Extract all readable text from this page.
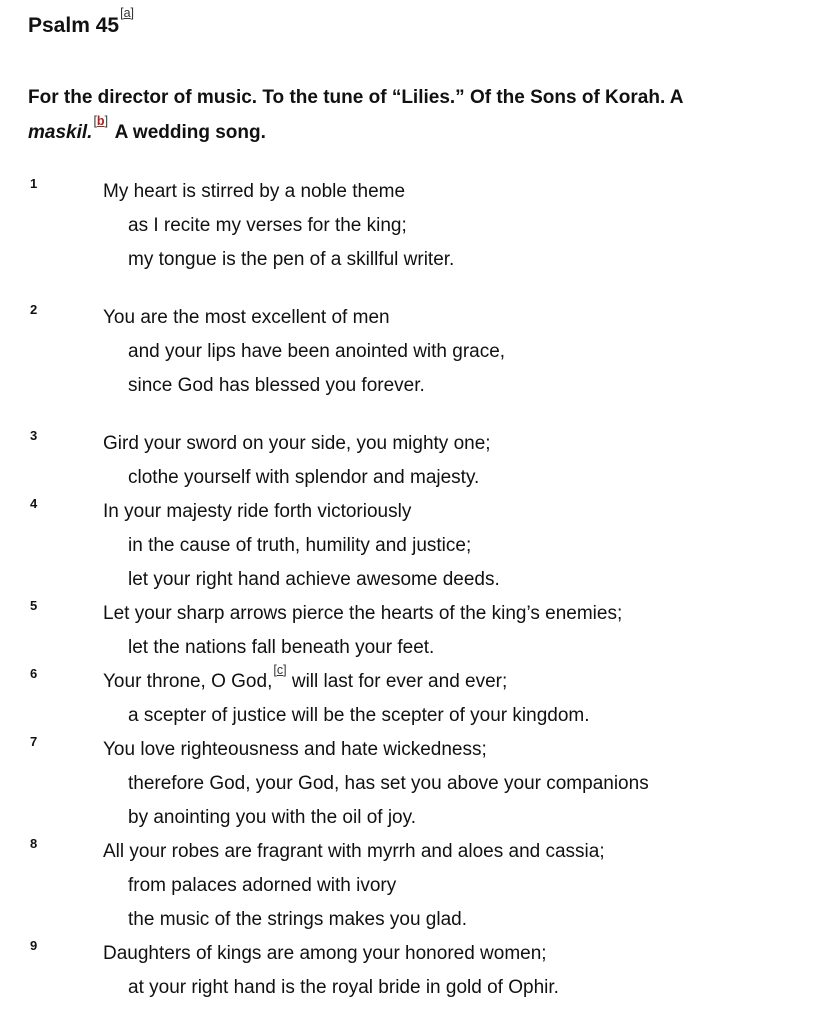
Psalm 45[a]

For the director of music. To the tune of “Lilies.” Of the Sons of Korah. A
maskil.[b] A wedding song.

1	My heart is stirred by a noble theme
as I recite my verses for the king;
my tongue is the pen of a skillful writer.
2	You are the most excellent of men
and your lips have been anointed with grace,
since God has blessed you forever.
3	Gird your sword on your side, you mighty one;
clothe yourself with splendor and majesty.
4	In your majesty ride forth victoriously
in the cause of truth, humility and justice;
let your right hand achieve awesome deeds.
5	Let your sharp arrows pierce the hearts of the king’s enemies;
let the nations fall beneath your feet.
6	Your throne, O God,[c] will last for ever and ever;
a scepter of justice will be the scepter of your kingdom.
7	You love righteousness and hate wickedness;
therefore God, your God, has set you above your companions
by anointing you with the oil of joy.
8	All your robes are fragrant with myrrh and aloes and cassia;
from palaces adorned with ivory
the music of the strings makes you glad.
9	Daughters of kings are among your honored women;
at your right hand is the royal bride in gold of Ophir.
